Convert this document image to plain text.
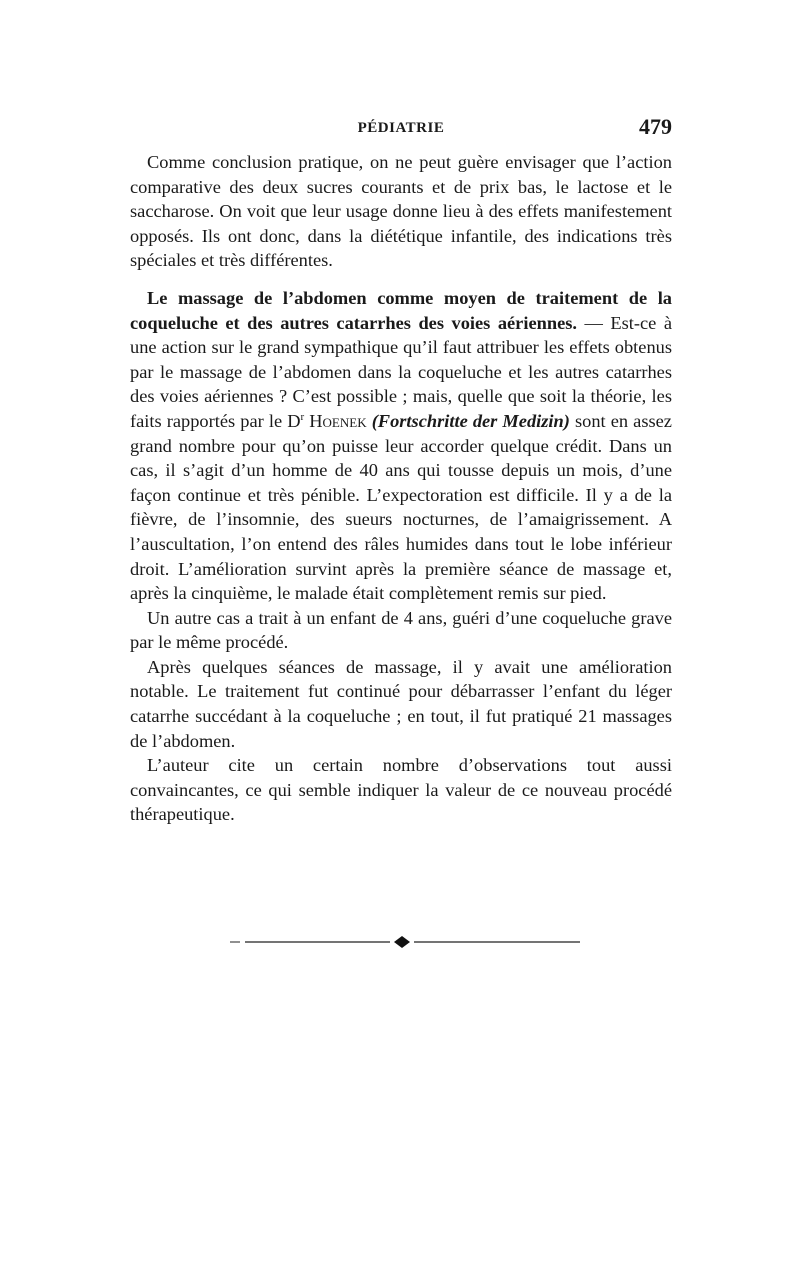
PÉDIATRIE	479

Comme conclusion pratique, on ne peut guère envisager que l’action comparative des deux sucres courants et de prix bas, le lactose et le saccharose. On voit que leur usage donne lieu à des effets manifestement opposés. Ils ont donc, dans la diététique infantile, des indications très spéciales et très différentes.

Le massage de l’abdomen comme moyen de traitement de la coqueluche et des autres catarrhes des voies aériennes. — Est-ce à une action sur le grand sympathique qu’il faut attribuer les effets obtenus par le massage de l’abdomen dans la coqueluche et les autres catarrhes des voies aériennes ? C’est possible ; mais, quelle que soit la théorie, les faits rapportés par le $D^r$ Hoenek (Fortschritte der Medizin) sont en assez grand nombre pour qu’on puisse leur accorder quelque crédit. Dans un cas, il s’agit d’un homme de 40 ans qui tousse depuis un mois, d’une façon continue et très pénible. L’expectoration est difficile. Il y a de la fièvre, de l’insomnie, des sueurs nocturnes, de l’amaigrissement. A l’auscultation, l’on entend des râles humides dans tout le lobe inférieur droit. L’amélioration survint après la première séance de massage et, après la cinquième, le malade était complètement remis sur pied.

Un autre cas a trait à un enfant de 4 ans, guéri d’une coqueluche grave par le même procédé.

Après quelques séances de massage, il y avait une amélioration notable. Le traitement fut continué pour débarrasser l’enfant du léger catarrhe succédant à la coqueluche ; en tout, il fut pratiqué 21 massages de l’abdomen.

L’auteur cite un certain nombre d’observations tout aussi convaincantes, ce qui semble indiquer la valeur de ce nouveau procédé thérapeutique.
